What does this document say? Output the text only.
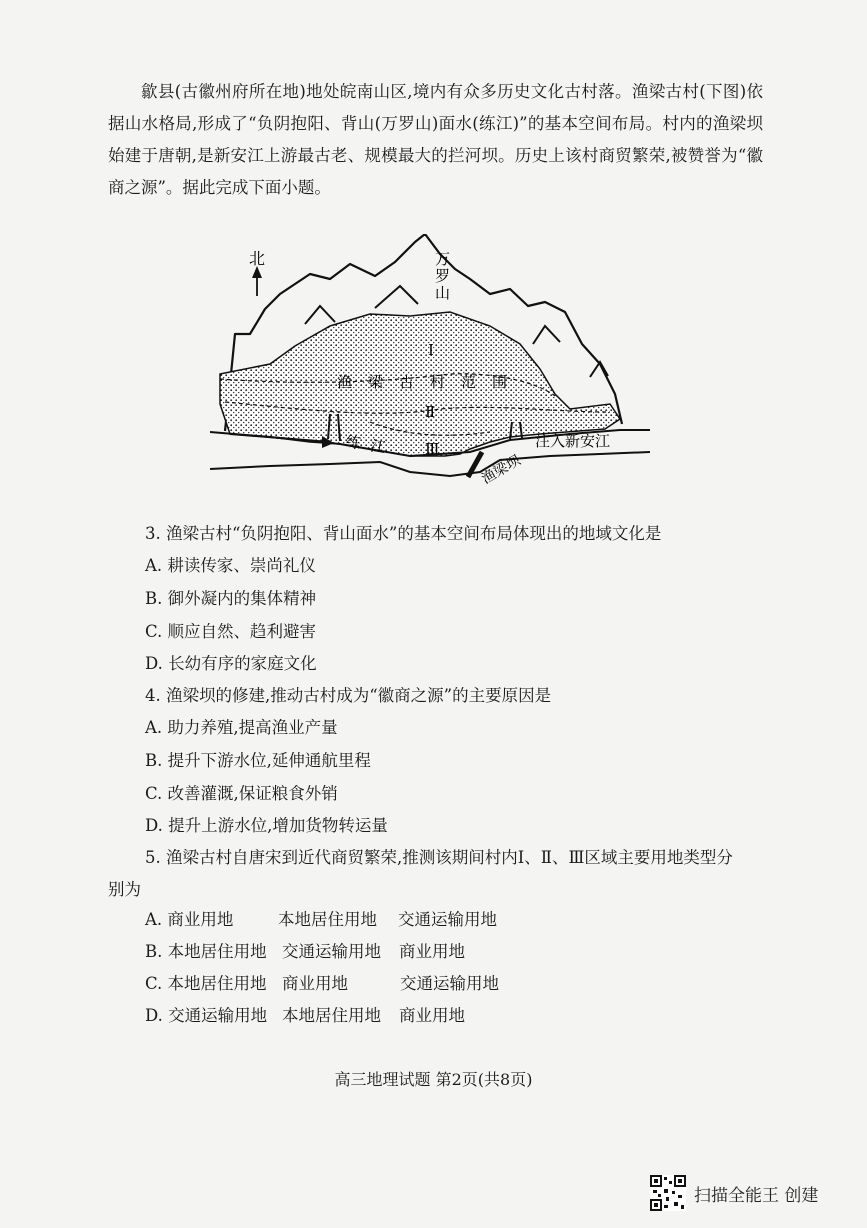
歙县(古徽州府所在地)地处皖南山区,境内有众多历史文化古村落。渔梁古村(下图)依据山水格局,形成了“负阴抱阳、背山(万罗山)面水(练江)”的基本空间布局。村内的渔梁坝始建于唐朝,是新安江上游最古老、规模最大的拦河坝。历史上该村商贸繁荣,被赞誉为“徽商之源”。据此完成下面小题。

北	万罗山
渔梁古村范围
Ⅰ
Ⅱ
Ⅲ
练江
渔梁坝
注入新安江
3. 渔梁古村“负阴抱阳、背山面水”的基本空间布局体现出的地域文化是
A. 耕读传家、崇尚礼仪
B. 御外凝内的集体精神
C. 顺应自然、趋利避害
D. 长幼有序的家庭文化
4. 渔梁坝的修建,推动古村成为“徽商之源”的主要原因是
A. 助力养殖,提高渔业产量
B. 提升下游水位,延伸通航里程
C. 改善灌溉,保证粮食外销
D. 提升上游水位,增加货物转运量
5. 渔梁古村自唐宋到近代商贸繁荣,推测该期间村内Ⅰ、Ⅱ、Ⅲ区域主要用地类型分
别为
A. 商业用地	本地居住用地 交通运输用地
B. 本地居住用地 交通运输用地 商业用地
C. 本地居住用地 商业用地	交通运输用地
D. 交通运输用地 本地居住用地 商业用地
高三地理试题 第2页(共8页)
扫描全能王 创建
